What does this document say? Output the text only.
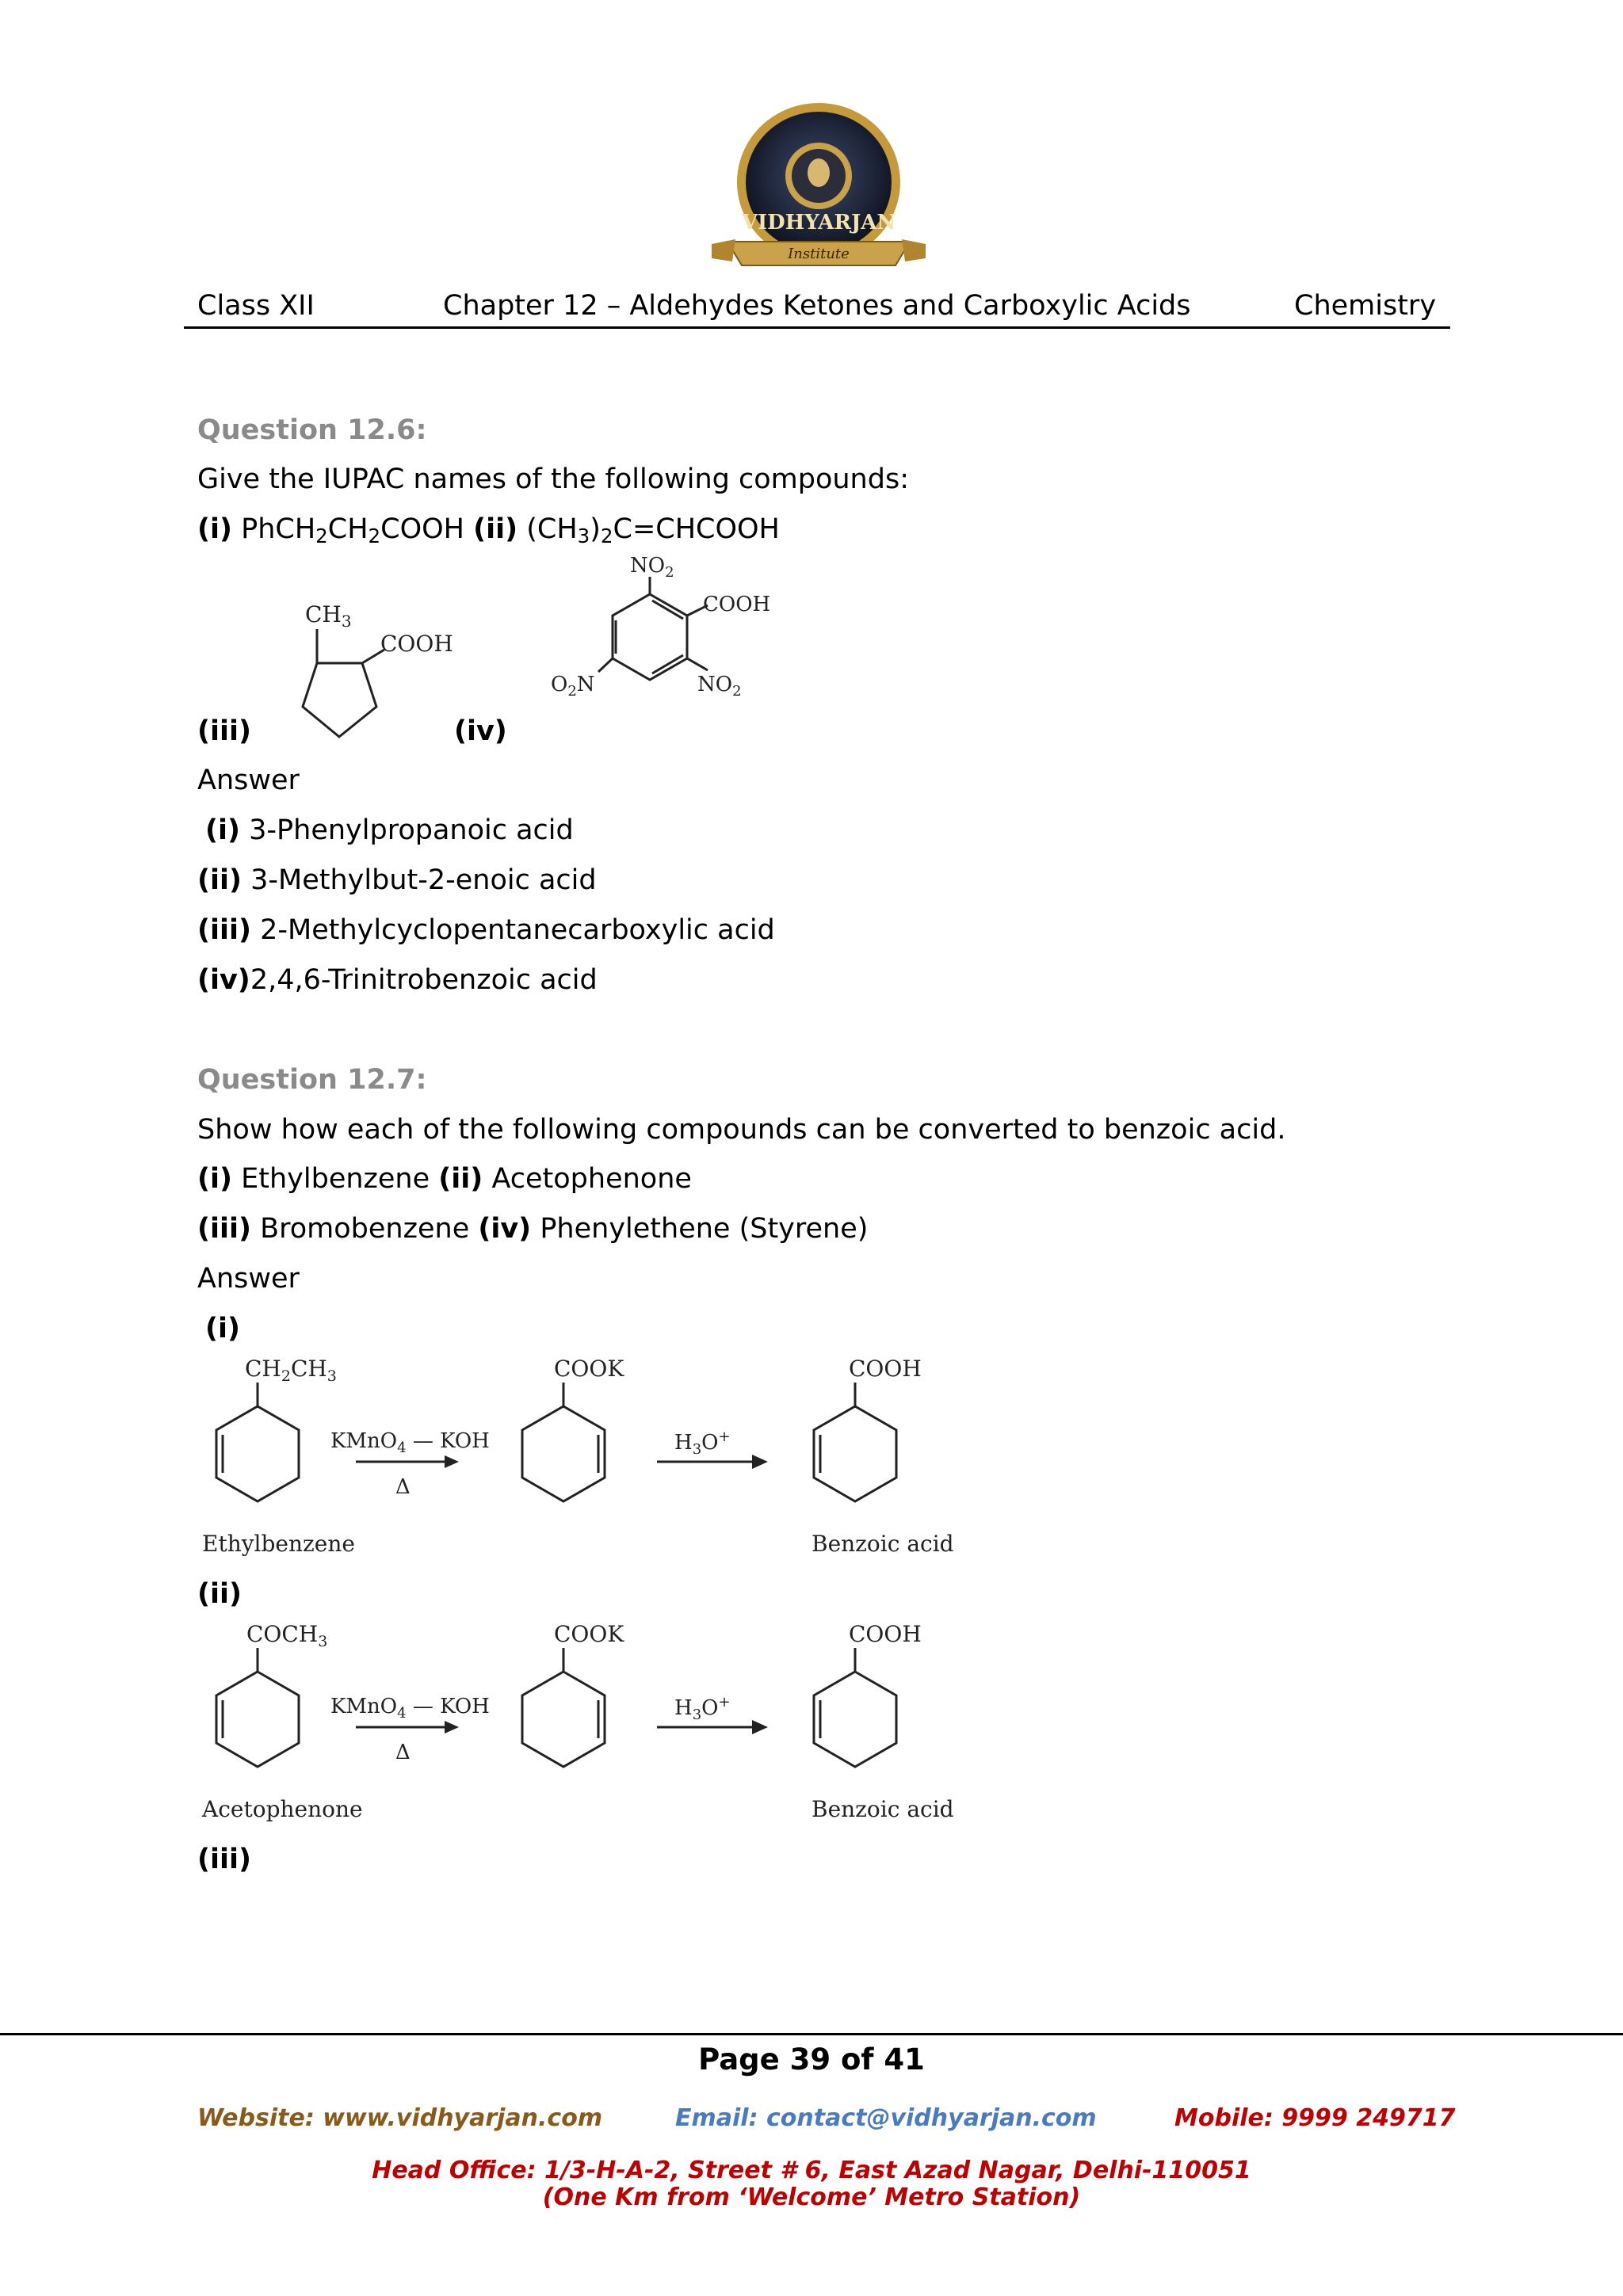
VIDHYARJAN
Institute
Class XII	Chapter 12 – Aldehydes Ketones and Carboxylic Acids	Chemistry
Question 12.6:
Give the IUPAC names of the following compounds:
(i) $PhCH_2CH_2COOH$ (ii) $(CH_3)_2C=CHCOOH$
(iii)	(iv)
$CH_3$
COOH
$NO_2$
COOH
$O_2N$	$NO_2$
Answer
(i) 3-Phenylpropanoic acid
(ii) 3-Methylbut-2-enoic acid
(iii) 2-Methylcyclopentanecarboxylic acid
(iv)2,4,6-Trinitrobenzoic acid
Question 12.7:
Show how each of the following compounds can be converted to benzoic acid.
(i) Ethylbenzene (ii) Acetophenone
(iii) Bromobenzene (iv) Phenylethene (Styrene)
Answer
(i)
$CH_2CH_3$	COOK	COOH
KMnO$_4$ — KOH
Δ
$H_3O^+$
Ethylbenzene	Benzoic acid
(ii)
$COCH_3$	COOK	COOH
KMnO$_4$ — KOH
Δ
$H_3O^+$
Acetophenone	Benzoic acid
(iii)
Page 39 of 41
Website: www.vidhyarjan.com	Email: contact@vidhyarjan.com	Mobile: 9999 249717
Head Office: 1/3-H-A-2, Street # 6, East Azad Nagar, Delhi-110051
(One Km from ‘Welcome’ Metro Station)
